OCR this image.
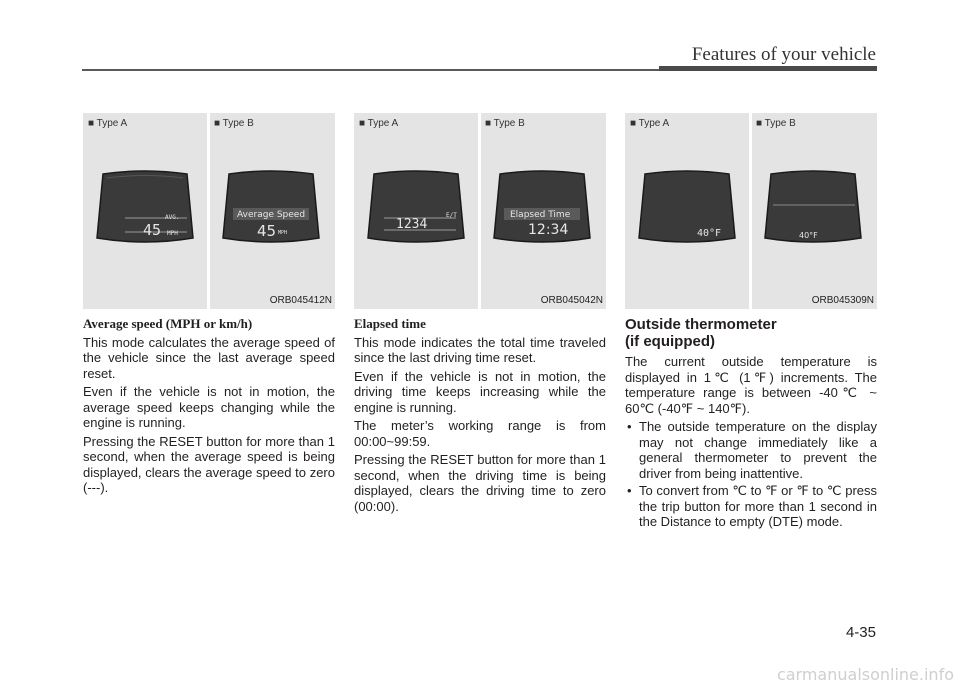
Features of your vehicle
■ Type A	■ Type B
45
AVG.
MPH
Average Speed
45 MPH
ORB045412N
■ Type A	■ Type B
1234
E/T	Elapsed Time
12:34
ORB045042N
■ Type A	■ Type B
40°F	40°F
ORB045309N
Average speed (MPH or km/h)

This mode calculates the average speed of the vehicle since the last average speed reset.

Even if the vehicle is not in motion, the average speed keeps changing while the engine is running.

Pressing the RESET button for more than 1 second, when the average speed is being displayed, clears the average speed to zero (---).

Elapsed time

This mode indicates the total time traveled since the last driving time reset.

Even if the vehicle is not in motion, the driving time keeps increasing while the engine is running.

The meter’s working range is from 00:00~99:59.

Pressing the RESET button for more than 1 second, when the driving time is being displayed, clears the driving time to zero (00:00).

Outside thermometer
(if equipped)

The current outside temperature is displayed in 1℃ (1℉) increments. The temperature range is between -40℃ ~ 60℃ (-40℉ ~ 140℉).

• The outside temperature on the display may not change immediately like a general thermometer to prevent the driver from being inattentive.
• To convert from ℃ to ℉ or ℉ to ℃ press the trip button for more than 1 second in the Distance to empty (DTE) mode.
4-35
carmanualsonline.info
